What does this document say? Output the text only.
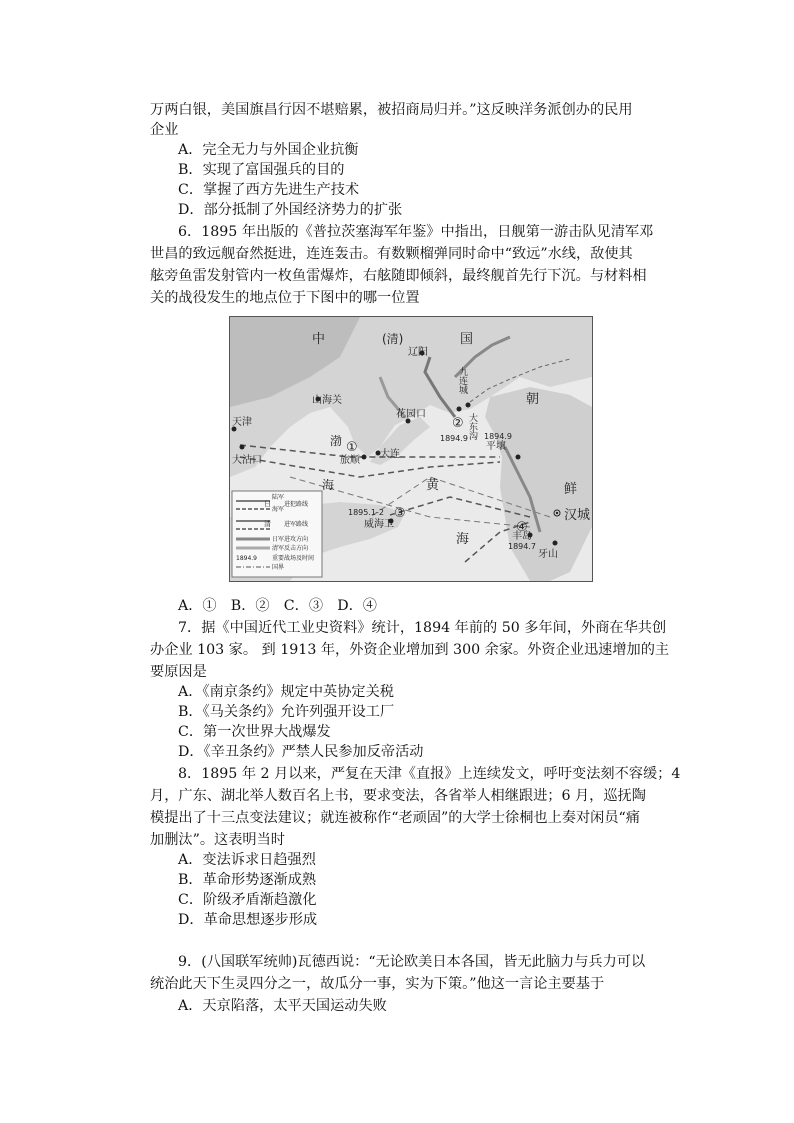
万两白银，美国旗昌行因不堪赔累，被招商局归并。”这反映洋务派创办的民用
企业
A．完全无力与外国企业抗衡
B．实现了富国强兵的目的
C．掌握了西方先进生产技术
D．部分抵制了外国经济势力的扩张
6．1895 年出版的《普拉茨塞海军年鉴》中指出，日舰第一游击队见清军邓
世昌的致远舰奋然挺进，连连轰击。有数颗榴弹同时命中“致远”水线，敌使其
舷旁鱼雷发射管内一枚鱼雷爆炸，右舷随即倾斜，最终舰首先行下沉。与材料相
关的战役发生的地点位于下图中的哪一位置
中	(清)	国
朝
鲜
辽阳
九连城
大东沟
山海关
花园口
天津
大沽口	旅顺
大连
平壤
汉城
威海卫
丰岛
牙山
渤
海	黄
海
1894.9 1894.9
1895.1-2
1894.7
①
②
③
④
陆军
海军
日 进犯路线
清 进军路线
日军进攻方向
清军反击方向
1894.9	重要战场及时间
国界
A．①　B．②　C．③　D．④
7．据《中国近代工业史资料》统计，1894 年前的 50 多年间，外商在华共创
办企业 103 家。 到 1913 年，外资企业增加到 300 余家。外资企业迅速增加的主
要原因是
A．《南京条约》规定中英协定关税
B．《马关条约》允许列强开设工厂
C．第一次世界大战爆发
D．《辛丑条约》严禁人民参加反帝活动
8．1895 年 2 月以来，严复在天津《直报》上连续发文，呼吁变法刻不容缓；4
月，广东、湖北举人数百名上书，要求变法，各省举人相继跟进；6 月，巡抚陶
模提出了十三点变法建议；就连被称作“老顽固”的大学士徐桐也上奏对闲员“痛
加删汰”。这表明当时
A．变法诉求日趋强烈
B．革命形势逐渐成熟
C．阶级矛盾渐趋激化
D．革命思想逐步形成
9．(八国联军统帅)瓦德西说：“无论欧美日本各国，皆无此脑力与兵力可以
统治此天下生灵四分之一，故瓜分一事，实为下策。”他这一言论主要基于
A．天京陷落，太平天国运动失败
